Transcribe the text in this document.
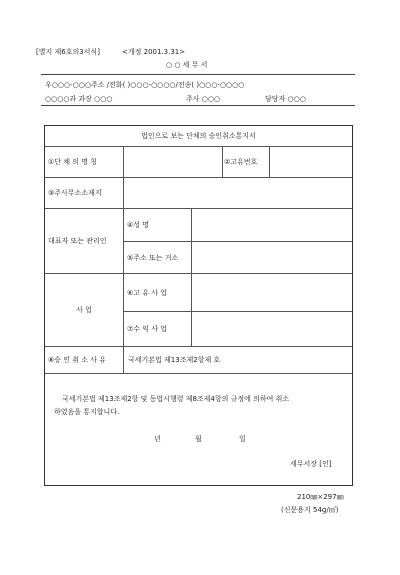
[별지 제6호의3서식]	<개정 2001.3.31>
○ ○ 세 무 서
우○○○-○○○주소 /전화( )○○○-○○○○/전송( )○○○-○○○○
○○○○과 과장 ○○○	주사 ○○○	담당자 ○○○
법인으로 보는 단체의 승인취소통지서
①단 체 의 명 칭	②고유번호
③주사무소소재지
대표자 또는 관리인
④성 명
⑤주소 또는 거소
사 업
⑥고 유 사 업
⑦수 익 사 업
⑧승 인 취 소 사 유	국세기본법 제13조제2항제 호
국세기본법 제13조제2항 및 동법시행령 제8조제4항의 규정에 의하여 취소
하였음을 통지합니다.
년	월	일
세무서장 [인]
210㎜×297㎜
(신문용지 54g/㎡)
